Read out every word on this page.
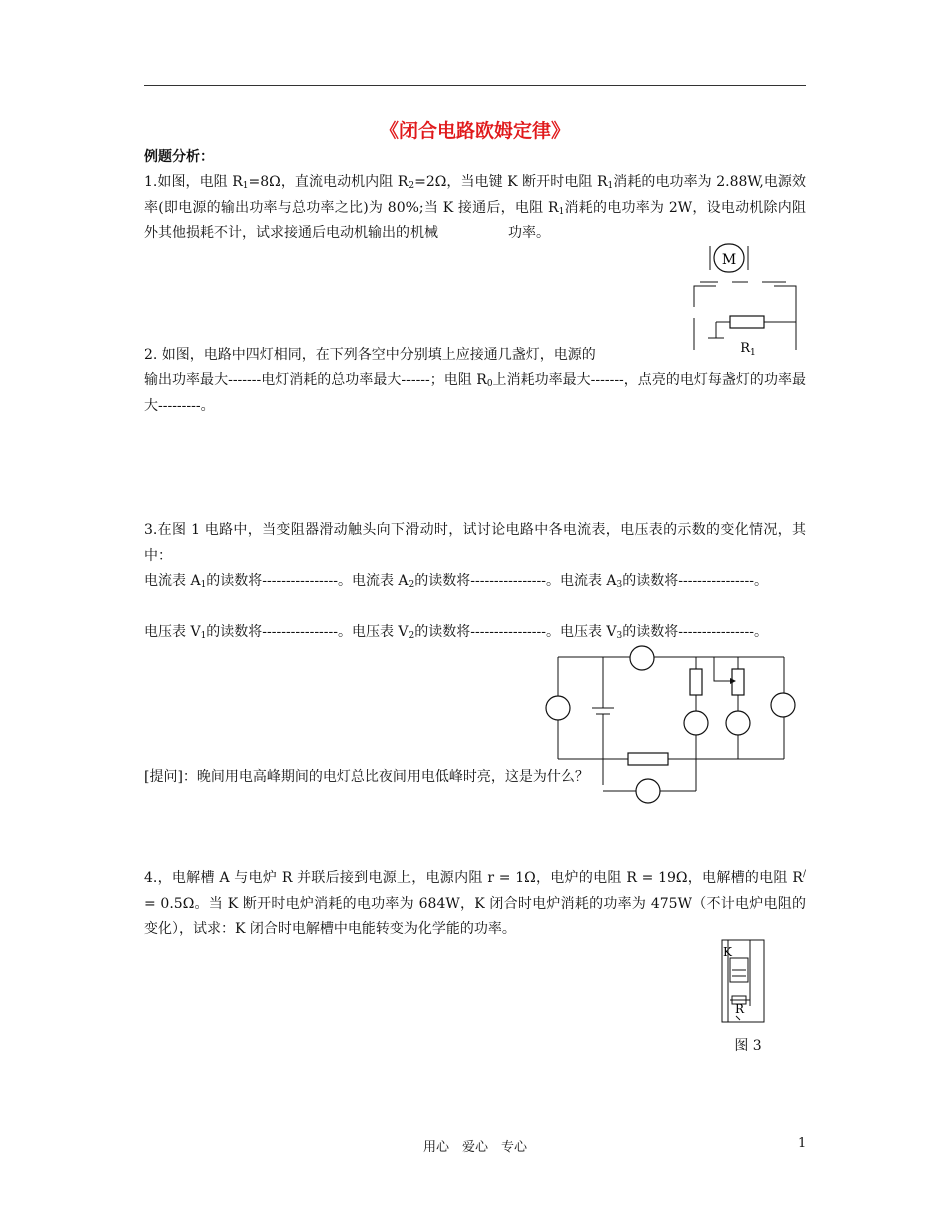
《闭合电路欧姆定律》
例题分析：

1.如图，电阻 $R_1=8\Omega$，直流电动机内阻 $R_2=2\Omega$，当电键 K 断开时电阻 $R_1$消耗的电功率为 2.88W,电源效率(即电源的输出功率与总功率之比)为 80%;当 K 接通后，电阻 $R_1$消耗的电功率为 2W，设电动机除内阻外其他损耗不计，试求接通后电动机输出的机械	功率。

M
$R_1$

2. 如图，电路中四灯相同，在下列各空中分别填上应接通几盏灯，电源的

输出功率最大-------电灯消耗的总功率最大------；电阻 $R_0$上消耗功率最大-------，点亮的电灯每盏灯的功率最大---------。

3.在图 1 电路中，当变阻器滑动触头向下滑动时，试讨论电路中各电流表，电压表的示数的变化情况，其中：

电流表 $A_1$的读数将----------------。电流表 $A_2$的读数将----------------。电流表 $A_3$的读数将----------------。

电压表 $V_1$的读数将----------------。电压表 $V_2$的读数将----------------。电压表 $V_3$的读数将----------------。

[提问]：晚间用电高峰期间的电灯总比夜间用电低峰时亮，这是为什么？

4.，电解槽 A 与电炉 R 并联后接到电源上，电源内阻 r = 1Ω，电炉的电阻 R = 19Ω，电解槽的电阻 R/ = 0.5Ω。当 K 断开时电炉消耗的电功率为 684W，K 闭合时电炉消耗的功率为 475W（不计电炉电阻的变化），试求：K 闭合时电解槽中电能转变为化学能的功率。

K
R
图 3
用心　爱心　专心	1
